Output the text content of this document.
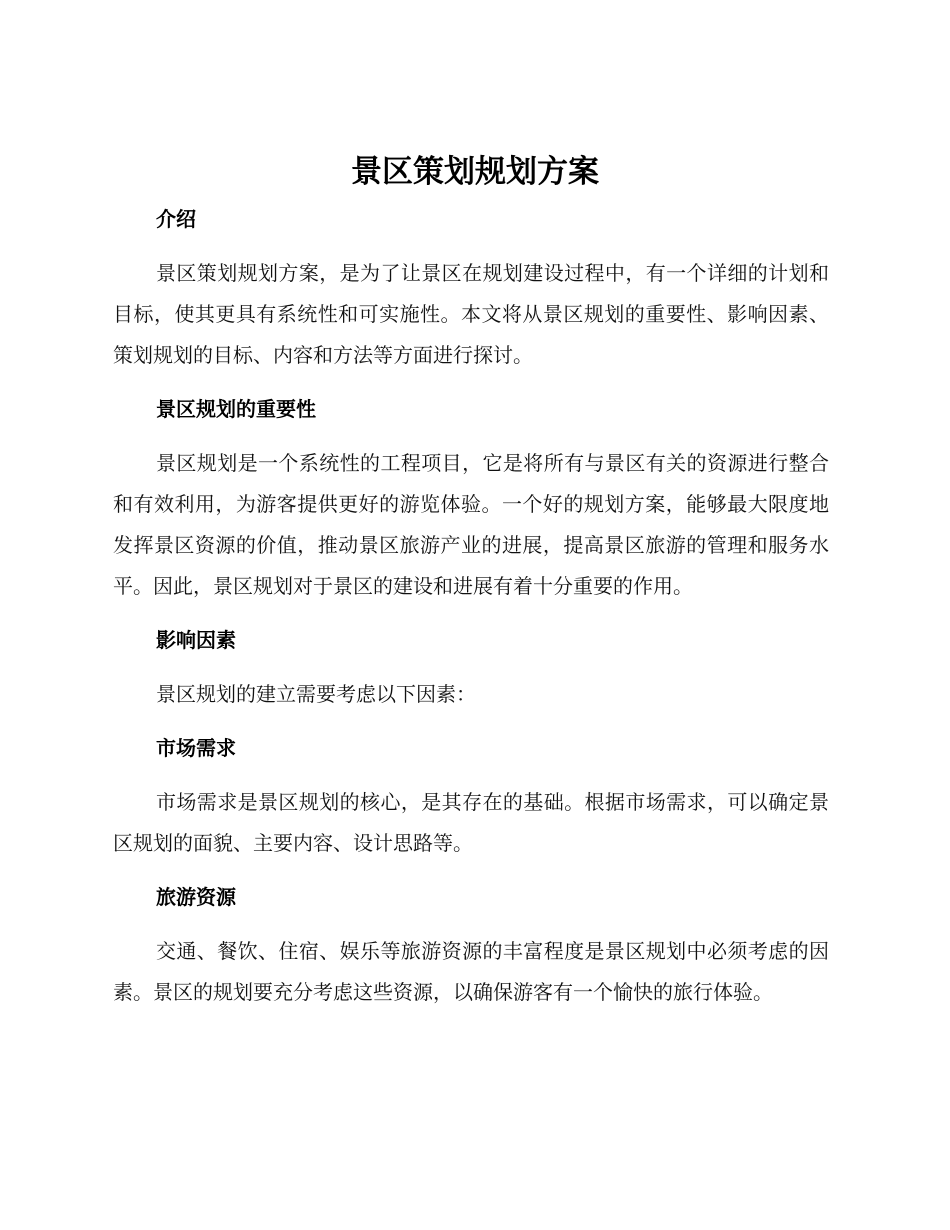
景区策划规划方案
介绍

景区策划规划方案，是为了让景区在规划建设过程中，有一个详细的计划和目标，使其更具有系统性和可实施性。本文将从景区规划的重要性、影响因素、策划规划的目标、内容和方法等方面进行探讨。

景区规划的重要性

景区规划是一个系统性的工程项目，它是将所有与景区有关的资源进行整合和有效利用，为游客提供更好的游览体验。一个好的规划方案，能够最大限度地发挥景区资源的价值，推动景区旅游产业的进展，提高景区旅游的管理和服务水平。因此，景区规划对于景区的建设和进展有着十分重要的作用。

影响因素

景区规划的建立需要考虑以下因素：

市场需求

市场需求是景区规划的核心，是其存在的基础。根据市场需求，可以确定景区规划的面貌、主要内容、设计思路等。

旅游资源

交通、餐饮、住宿、娱乐等旅游资源的丰富程度是景区规划中必须考虑的因素。景区的规划要充分考虑这些资源，以确保游客有一个愉快的旅行体验。
